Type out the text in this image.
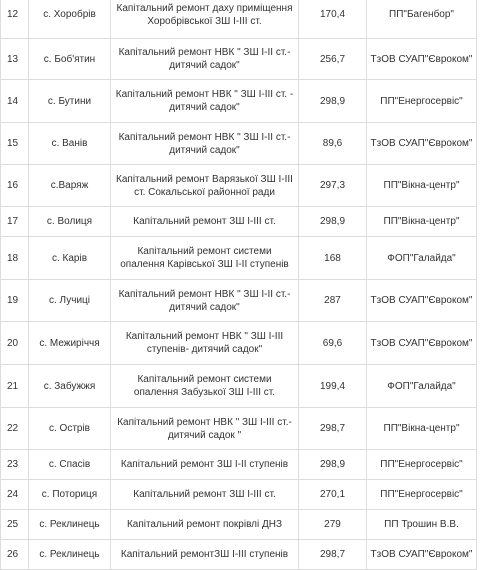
12	с. Хоробрів	Капітальний ремонт даху приміщення Хоробрівської ЗШ І-ІІІ ст.	170,4	ПП"Багенбор"
13	с. Боб'ятин	Капітальний ремонт НВК " ЗШ І-ІІ ст.- дитячий садок"	256,7	ТзОВ СУАП"Євроком"
14	с. Бутини	Капітальний ремонт НВК " ЗШ І-ІІІ ст. - дитячий садок"	298,9	ПП"Енергосервіс"
15	с. Ванів	Капітальний ремонт НВК " ЗШ І-ІІ ст.- дитячий садок"	89,6	ТзОВ СУАП"Євроком"
16	с.Варяж	Капітальний ремонт Варязької ЗШ І-ІІІ ст. Сокальської районної ради	297,3	ПП"Вікна-центр"
17	с. Волиця	Капітальний ремонт ЗШ І-ІІІ ст.	298,9	ПП"Вікна-центр"
18	с. Карів	Капітальний ремонт системи опалення Карівської ЗШ І-ІІ ступенів	168	ФОП"Галайда"
19	с. Лучиці	Капітальний ремонт НВК " ЗШ І-ІІ ст.- дитячий садок"	287	ТзОВ СУАП"Євроком"
20	с. Межиріччя	Капітальний ремонт НВК " ЗШ І-ІІІ ступенів- дитячий садок"	69,6	ТзОВ СУАП"Євроком"
21	с. Забужжя	Капітальний ремонт системи опалення Забузької ЗШ І-ІІІ ст.	199,4	ФОП"Галайда"
22	с. Острів	Капітальний ремонт НВК " ЗШ І-ІІІ ст.- дитячий садок "	298,7	ПП"Вікна-центр"
23	с. Спасів	Капітальний ремонт ЗШ І-ІІ ступенів	298,9	ПП"Енергосервіс"
24	с. Поториця	Капітальний ремонт ЗШ І-ІІІ ст.	270,1	ПП"Енергосервіс"
25	с. Реклинець	Капітальний ремонт покрівлі ДНЗ	279	ПП Трошин В.В.
26	с. Реклинець	Капітальний ремонтЗШ І-ІІІ ступенів	298,7	ТзОВ СУАП"Євроком"
